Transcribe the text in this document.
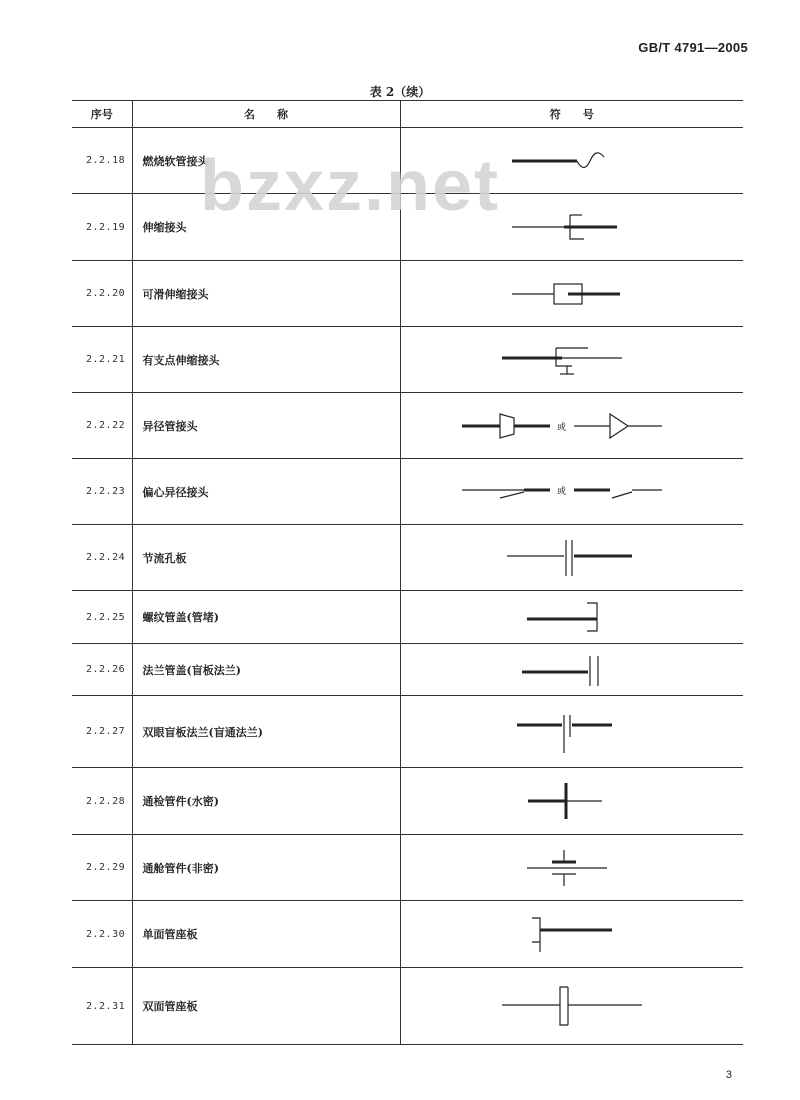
GB/T 4791—2005
表 2（续）
序号	名　　称	符　　号
2.2.18	燃烧软管接头	

2.2.19	伸缩接头	

2.2.20	可滑伸缩接头	

2.2.21	有支点伸缩接头	

2.2.22	异径管接头	或

2.2.23	偏心异径接头	或

2.2.24	节流孔板	

2.2.25	螺纹管盖(管堵)	

2.2.26	法兰管盖(盲板法兰)	

2.2.27	双眼盲板法兰(盲通法兰)	

2.2.28	通检管件(水密)	

2.2.29	通舱管件(非密)	

2.2.30	单面管座板	

2.2.31	双面管座板	
bzxz.net
3
